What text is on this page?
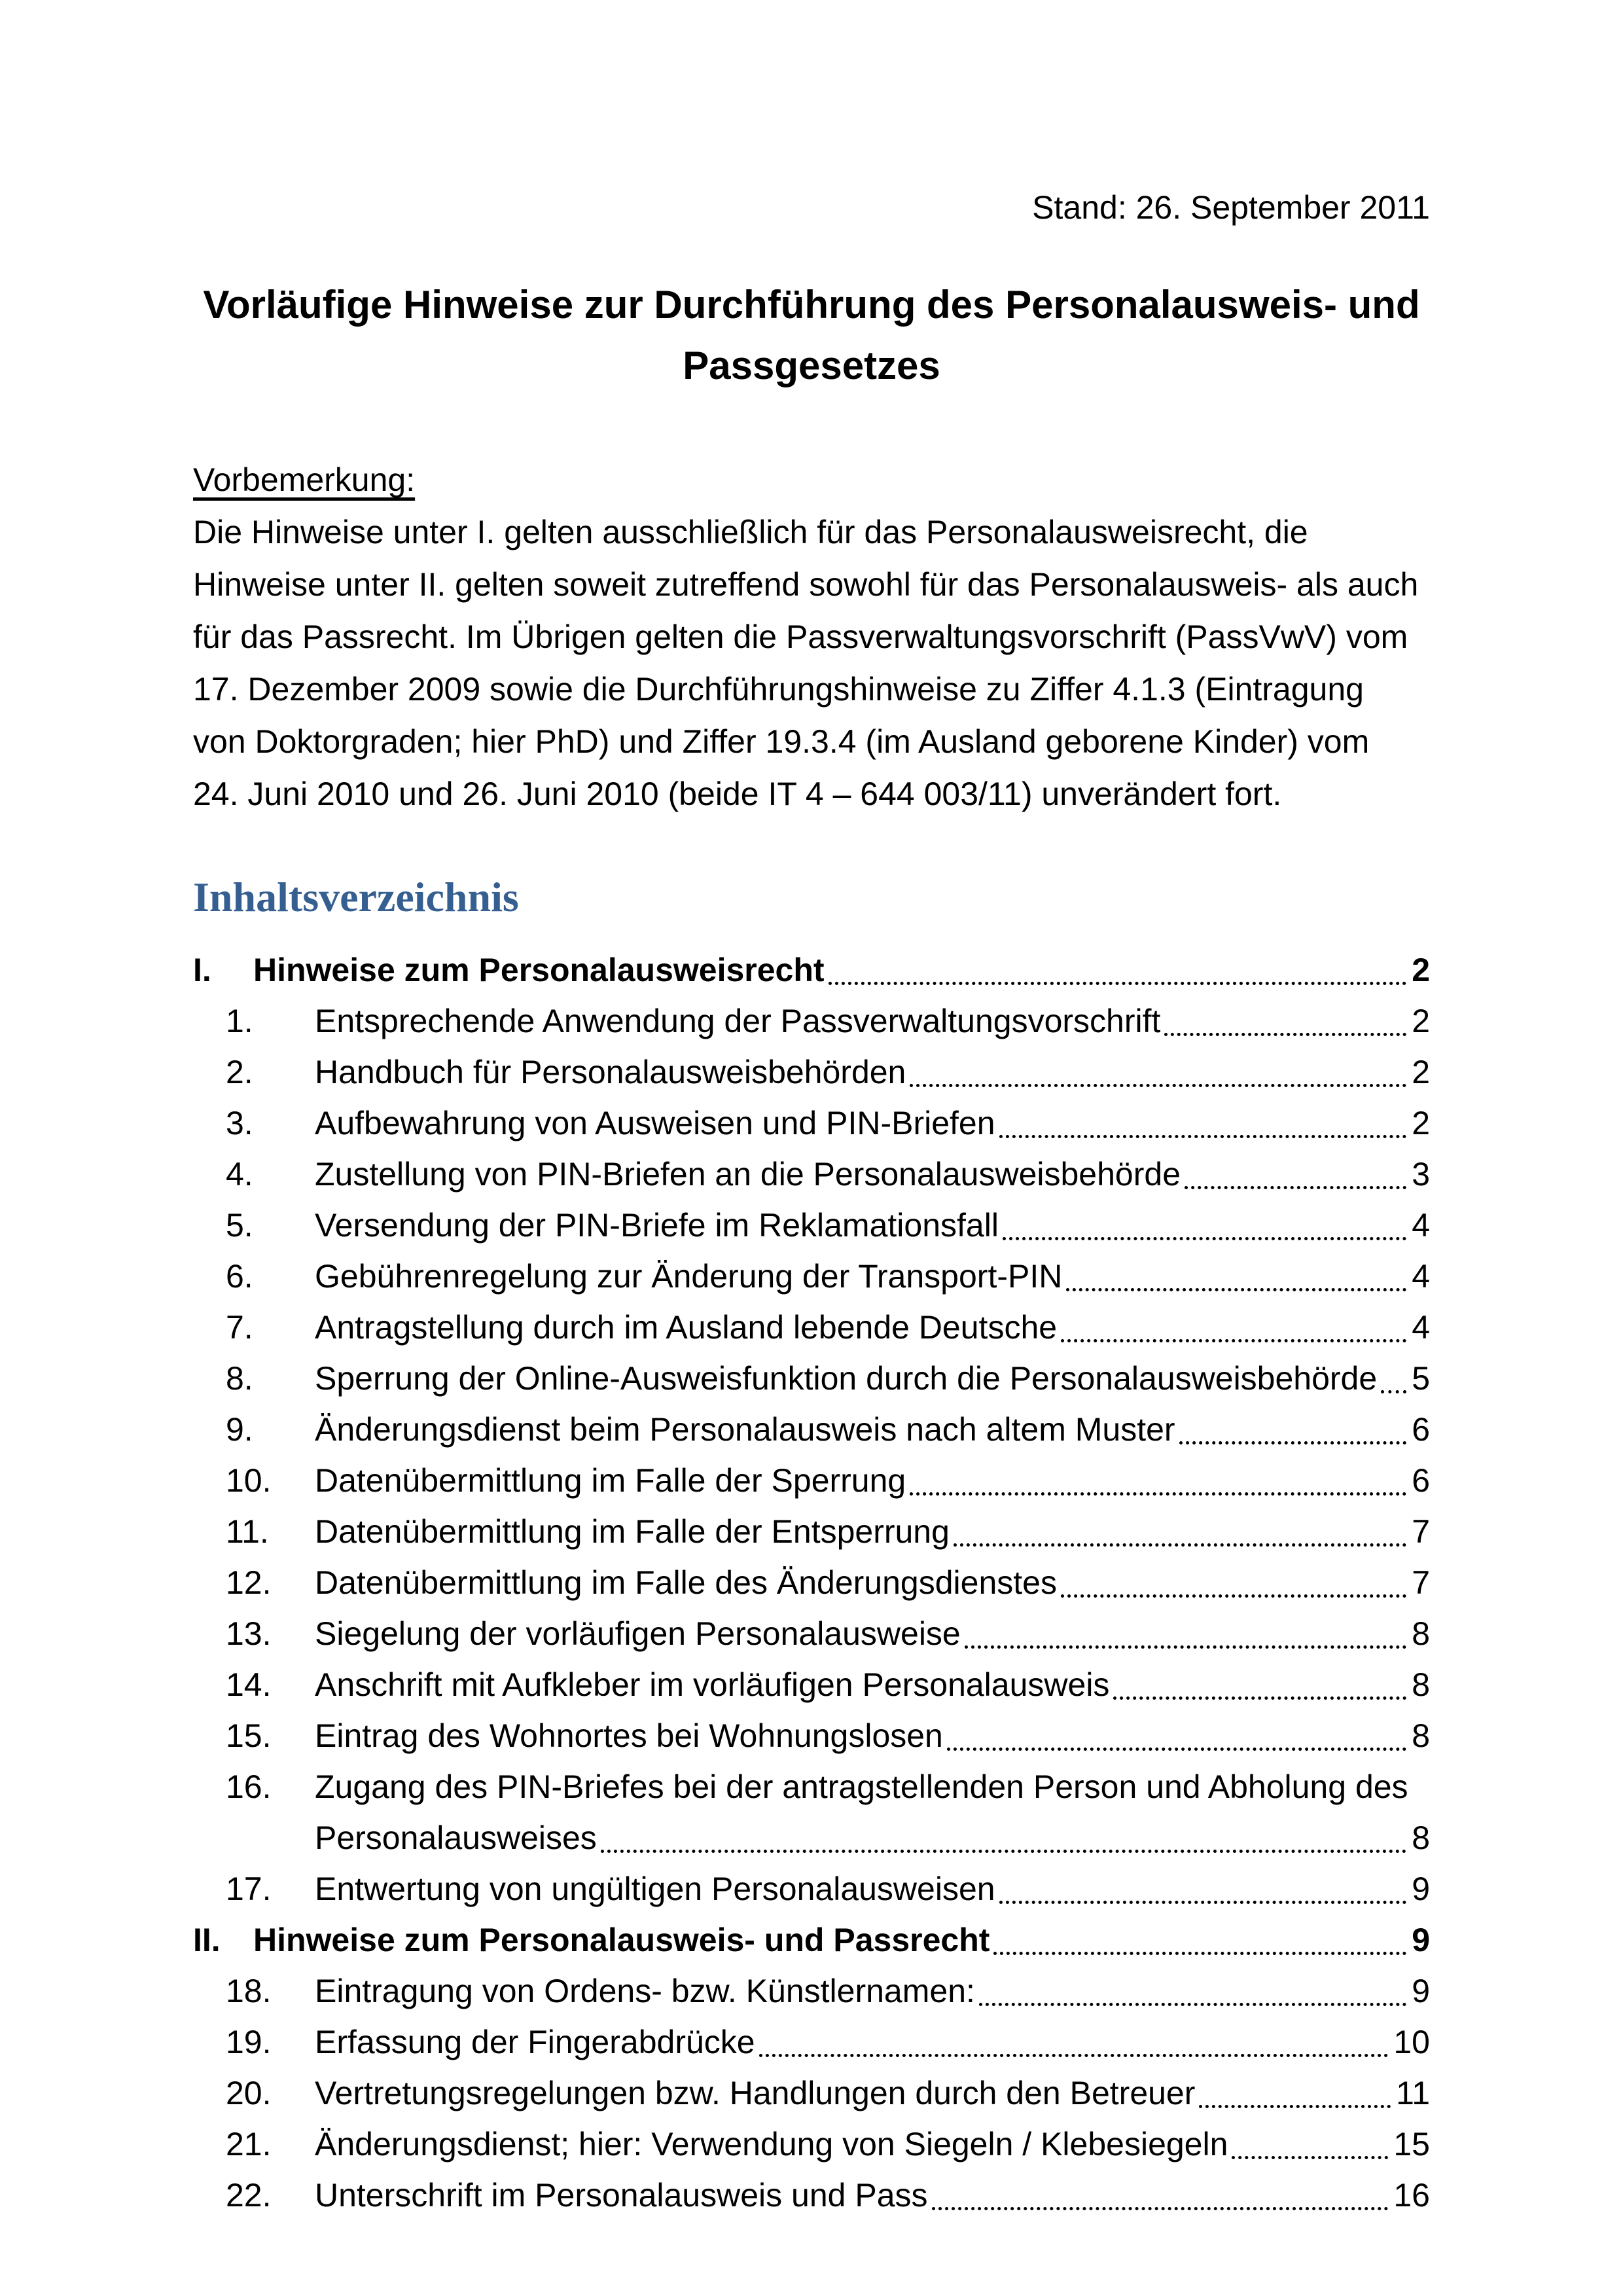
Stand: 26. September 2011
Vorläufige Hinweise zur Durchführung des Personalausweis- und
Passgesetzes
Vorbemerkung:
Die Hinweise unter I. gelten ausschließlich für das Personalausweisrecht, die
Hinweise unter II. gelten soweit zutreffend sowohl für das Personalausweis- als auch
für das Passrecht. Im Übrigen gelten die Passverwaltungsvorschrift (PassVwV) vom
17. Dezember 2009 sowie die Durchführungshinweise zu Ziffer 4.1.3 (Eintragung
von Doktorgraden; hier PhD) und Ziffer 19.3.4 (im Ausland geborene Kinder) vom
24. Juni 2010 und 26. Juni 2010 (beide IT 4 – 644 003/11) unverändert fort.
Inhaltsverzeichnis
I.	Hinweise zum Personalausweisrecht	2
1.	Entsprechende Anwendung der Passverwaltungsvorschrift	2
2.	Handbuch für Personalausweisbehörden	2
3.	Aufbewahrung von Ausweisen und PIN-Briefen	2
4.	Zustellung von PIN-Briefen an die Personalausweisbehörde	3
5.	Versendung der PIN-Briefe im Reklamationsfall	4
6.	Gebührenregelung zur Änderung der Transport-PIN	4
7.	Antragstellung durch im Ausland lebende Deutsche	4
8.	Sperrung der Online-Ausweisfunktion durch die Personalausweisbehörde 5
9.	Änderungsdienst beim Personalausweis nach altem Muster	6
10.	Datenübermittlung im Falle der Sperrung	6
11.	Datenübermittlung im Falle der Entsperrung	7
12.	Datenübermittlung im Falle des Änderungsdienstes	7
13.	Siegelung der vorläufigen Personalausweise	8
14.	Anschrift mit Aufkleber im vorläufigen Personalausweis	8
15.	Eintrag des Wohnortes bei Wohnungslosen	8
16.	Zugang des PIN-Briefes bei der antragstellenden Person und Abholung des
Personalausweises	8
17.	Entwertung von ungültigen Personalausweisen	9
II.	Hinweise zum Personalausweis- und Passrecht	9
18.	Eintragung von Ordens- bzw. Künstlernamen:	9
19.	Erfassung der Fingerabdrücke	10
20.	Vertretungsregelungen bzw. Handlungen durch den Betreuer	11
21.	Änderungsdienst; hier: Verwendung von Siegeln / Klebesiegeln	15
22.	Unterschrift im Personalausweis und Pass	16
